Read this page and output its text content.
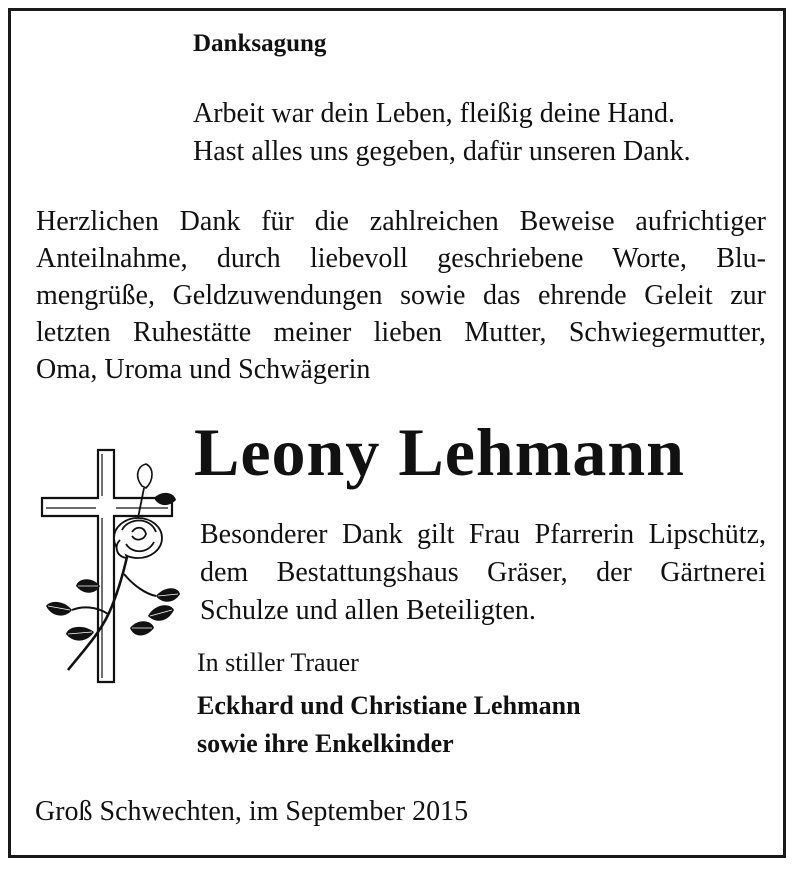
Danksagung

Arbeit war dein Leben, fleißig deine Hand.

Hast alles uns gegeben, dafür unseren Dank.

Herzlichen Dank für die zahlreichen Beweise aufrichtiger
Anteilnahme, durch liebevoll geschriebene Worte, Blu-
mengrüße, Geldzuwendungen sowie das ehrende Geleit zur
letzten Ruhestätte meiner lieben Mutter, Schwiegermutter,
Oma, Uroma und Schwägerin

Leony Lehmann

Besonderer Dank gilt Frau Pfarrerin Lipschütz,
dem Bestattungshaus Gräser, der Gärtnerei
Schulze und allen Beteiligten.

In stiller Trauer

Eckhard und Christiane Lehmann

sowie ihre Enkelkinder

Groß Schwechten, im September 2015
